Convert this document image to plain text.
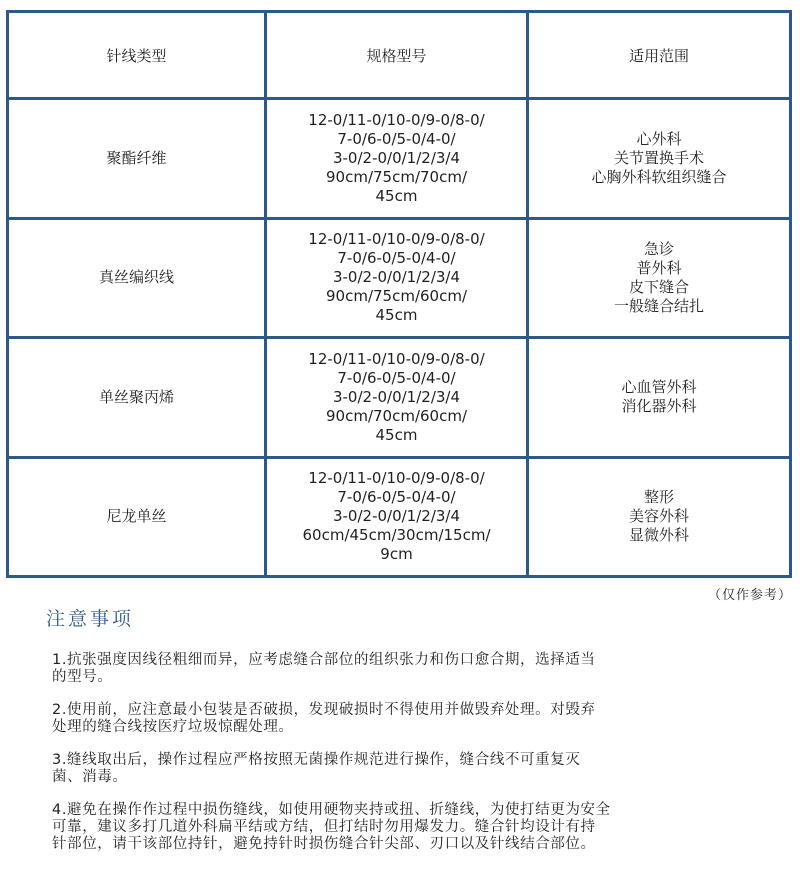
针线类型	规格型号	适用范围
聚酯纤维	12-0/11-0/10-0/9-0/8-0/
7-0/6-0/5-0/4-0/
3-0/2-0/0/1/2/3/4
90cm/75cm/70cm/
45cm	心外科
关节置换手术
心胸外科软组织缝合

真丝编织线	12-0/11-0/10-0/9-0/8-0/
7-0/6-0/5-0/4-0/
3-0/2-0/0/1/2/3/4
90cm/75cm/60cm/
45cm	急诊
普外科
皮下缝合
一般缝合结扎

单丝聚丙烯	12-0/11-0/10-0/9-0/8-0/
7-0/6-0/5-0/4-0/
3-0/2-0/0/1/2/3/4
90cm/70cm/60cm/
45cm	心血管外科
消化器外科

尼龙单丝	12-0/11-0/10-0/9-0/8-0/
7-0/6-0/5-0/4-0/
3-0/2-0/0/1/2/3/4
60cm/45cm/30cm/15cm/
9cm	整形
美容外科
显微外科
（仅作参考）
注意事项
1.抗张强度因线径粗细而异，应考虑缝合部位的组织张力和伤口愈合期，选择适当
的型号。
2.使用前，应注意最小包装是否破损，发现破损时不得使用并做毁弃处理。对毁弃
处理的缝合线按医疗垃圾惊醒处理。
3.缝线取出后，操作过程应严格按照无菌操作规范进行操作，缝合线不可重复灭
菌、消毒。
4.避免在操作作过程中损伤缝线，如使用硬物夹持或扭、折缝线，为使打结更为安全
可靠，建议多打几道外科扁平结或方结，但打结时勿用爆发力。缝合针均设计有持
针部位，请干该部位持针，避免持针时损伤缝合针尖部、刃口以及针线结合部位。
